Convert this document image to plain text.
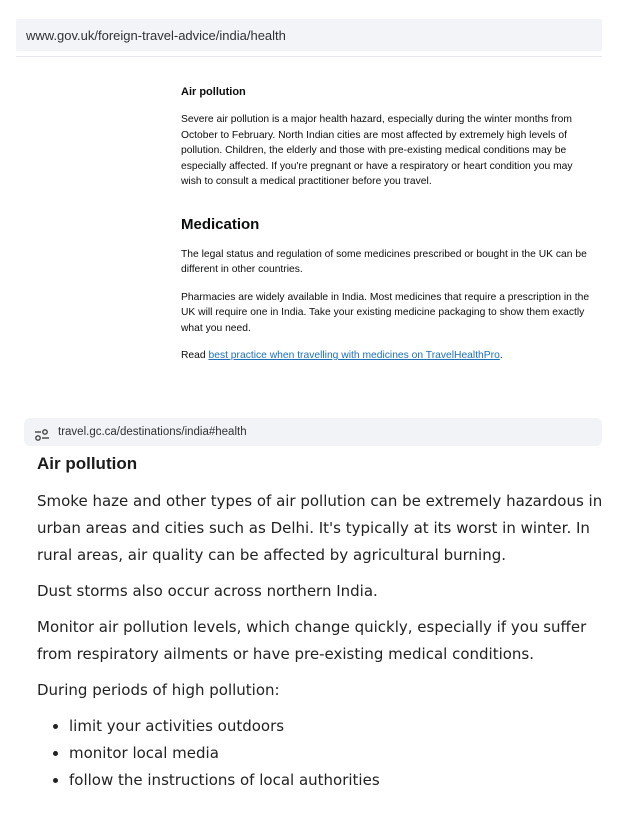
www.gov.uk/foreign-travel-advice/india/health
Air pollution

Severe air pollution is a major health hazard, especially during the winter months from October to February. North Indian cities are most affected by extremely high levels of pollution. Children, the elderly and those with pre-existing medical conditions may be especially affected. If you're pregnant or have a respiratory or heart condition you may wish to consult a medical practitioner before you travel.

Medication

The legal status and regulation of some medicines prescribed or bought in the UK can be different in other countries.

Pharmacies are widely available in India. Most medicines that require a prescription in the UK will require one in India. Take your existing medicine packaging to show them exactly what you need.

Read best practice when travelling with medicines on TravelHealthPro.

travel.gc.ca/destinations/india#health
Air pollution

Smoke haze and other types of air pollution can be extremely hazardous in
urban areas and cities such as Delhi. It's typically at its worst in winter. In
rural areas, air quality can be affected by agricultural burning.

Dust storms also occur across northern India.

Monitor air pollution levels, which change quickly, especially if you suffer
from respiratory ailments or have pre-existing medical conditions.

During periods of high pollution:

limit your activities outdoors
monitor local media
follow the instructions of local authorities
